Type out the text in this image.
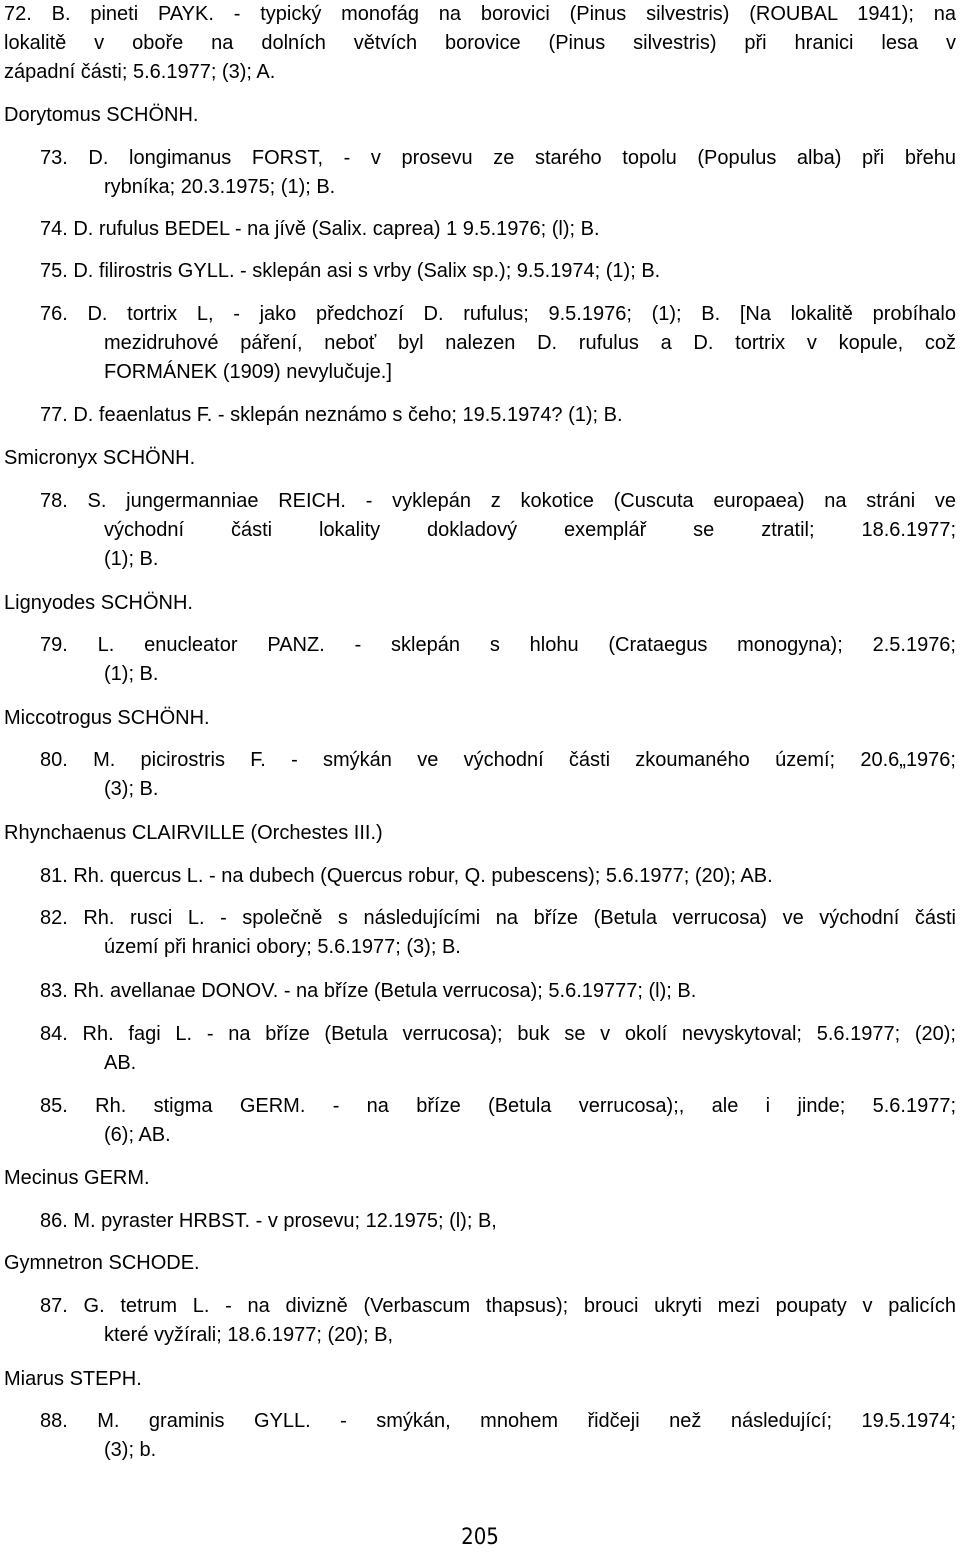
72. B. pineti PAYK. - typický monofág na borovici (Pinus silvestris) (ROUBAL 1941); na
lokalitě v oboře na dolních větvích borovice (Pinus silvestris) při hranici lesa v
západní části; 5.6.1977; (3); A.
Dorytomus SCHÖNH.
73. D. longimanus FORST, - v prosevu ze starého topolu (Populus alba) při břehu
rybníka; 20.3.1975; (1); B.
74. D. rufulus BEDEL - na jívě (Salix. caprea) 1 9.5.1976; (l); B.
75. D. filirostris GYLL. - sklepán asi s vrby (Salix sp.); 9.5.1974; (1); B.
76. D. tortrix L, - jako předchozí D. rufulus; 9.5.1976; (1); B. [Na lokalitě probíhalo
mezidruhové páření, neboť byl nalezen D. rufulus a D. tortrix v kopule, což
FORMÁNEK (1909) nevylučuje.]
77. D. feaenlatus F. - sklepán neznámo s čeho; 19.5.1974? (1); B.
Smicronyx SCHÖNH.
78. S. jungermanniae REICH. - vyklepán z kokotice (Cuscuta europaea) na stráni ve
východní části lokality dokladový exemplář se ztratil; 18.6.1977;
(1); B.
Lignyodes SCHÖNH.
79. L. enucleator PANZ. - sklepán s hlohu (Crataegus monogyna); 2.5.1976;
(1); B.
Miccotrogus SCHÖNH.
80. M. picirostris F. - smýkán ve východní části zkoumaného území; 20.6„1976;
(3); B.
Rhynchaenus CLAIRVILLE (Orchestes III.)
81. Rh. quercus L. - na dubech (Quercus robur, Q. pubescens); 5.6.1977; (20); AB.
82. Rh. rusci L. - společně s následujícími na bříze (Betula verrucosa) ve východní části
území při hranici obory; 5.6.1977; (3); B.
83. Rh. avellanae DONOV. - na bříze (Betula verrucosa); 5.6.19777; (l); B.
84. Rh. fagi L. - na bříze (Betula verrucosa); buk se v okolí nevyskytoval; 5.6.1977; (20);
AB.
85. Rh. stigma GERM. - na bříze (Betula verrucosa);, ale i jinde; 5.6.1977;
(6); AB.
Mecinus GERM.
86. M. pyraster HRBST. - v prosevu; 12.1975; (l); B,
Gymnetron SCHODE.
87. G. tetrum L. - na divizně (Verbascum thapsus); brouci ukryti mezi poupaty v palicích
které vyžírali; 18.6.1977; (20); B,
Miarus STEPH.
88. M. graminis GYLL. - smýkán, mnohem řidčeji než následující; 19.5.1974;
(3); b.
205
